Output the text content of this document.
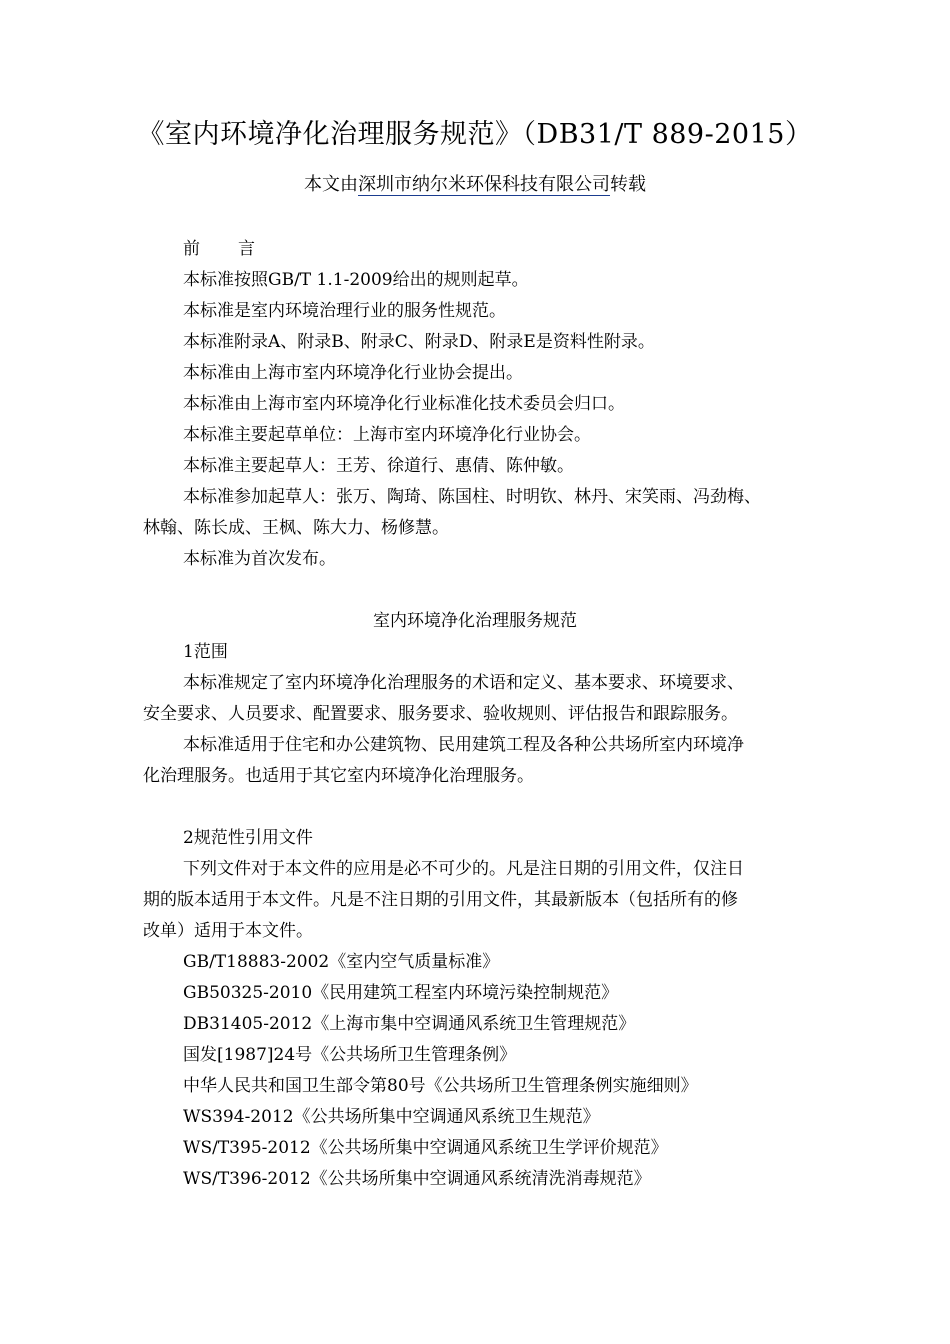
《室内环境净化治理服务规范》（DB31/T 889-2015）
本文由深圳市纳尔米环保科技有限公司转载
前言
本标准按照GB/T 1.1-2009给出的规则起草。
本标准是室内环境治理行业的服务性规范。
本标准附录A、附录B、附录C、附录D、附录E是资料性附录。
本标准由上海市室内环境净化行业协会提出。
本标准由上海市室内环境净化行业标准化技术委员会归口。
本标准主要起草单位：上海市室内环境净化行业协会。
本标准主要起草人：王芳、徐道行、惠倩、陈仲敏。
本标准参加起草人：张万、陶琦、陈国柱、时明钦、林丹、宋笑雨、冯劲梅、
林翰、陈长成、王枫、陈大力、杨修慧。
本标准为首次发布。
室内环境净化治理服务规范
1范围
本标准规定了室内环境净化治理服务的术语和定义、基本要求、环境要求、
安全要求、人员要求、配置要求、服务要求、验收规则、评估报告和跟踪服务。
本标准适用于住宅和办公建筑物、民用建筑工程及各种公共场所室内环境净
化治理服务。也适用于其它室内环境净化治理服务。
2规范性引用文件
下列文件对于本文件的应用是必不可少的。凡是注日期的引用文件，仅注日
期的版本适用于本文件。凡是不注日期的引用文件，其最新版本（包括所有的修
改单）适用于本文件。
GB/T18883-2002《室内空气质量标准》
GB50325-2010《民用建筑工程室内环境污染控制规范》
DB31405-2012《上海市集中空调通风系统卫生管理规范》
国发[1987]24号《公共场所卫生管理条例》
中华人民共和国卫生部令第80号《公共场所卫生管理条例实施细则》
WS394-2012《公共场所集中空调通风系统卫生规范》
WS/T395-2012《公共场所集中空调通风系统卫生学评价规范》
WS/T396-2012《公共场所集中空调通风系统清洗消毒规范》
